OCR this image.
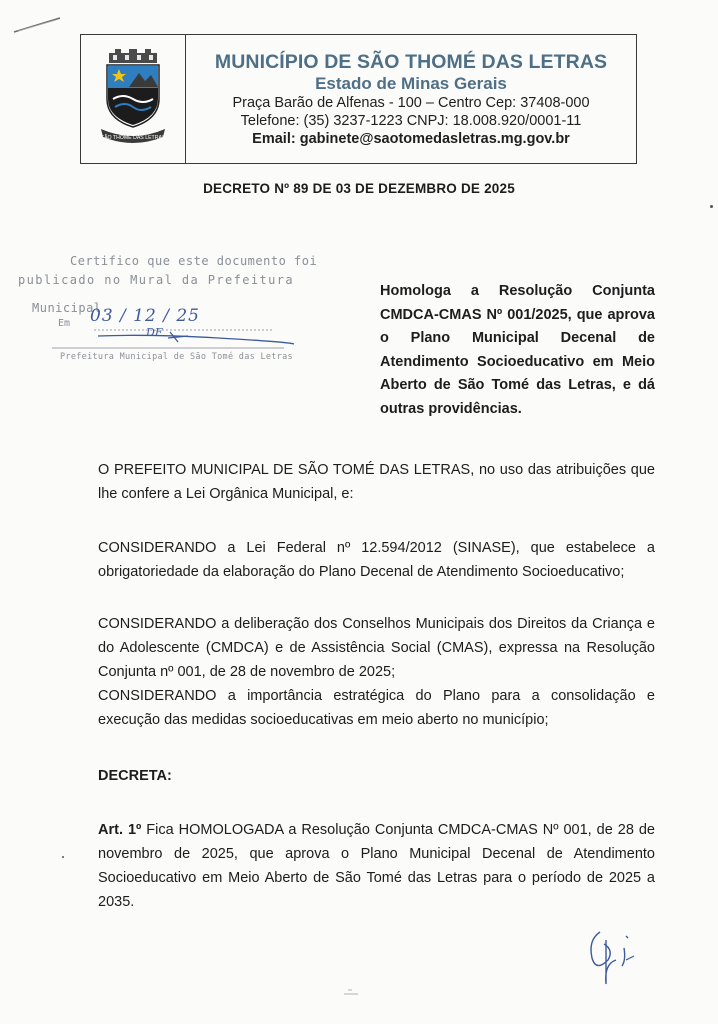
SÃO THOMÉ DAS LETRAS
MUNICÍPIO DE SÃO THOMÉ DAS LETRAS
Estado de Minas Gerais
Praça Barão de Alfenas - 100 – Centro Cep: 37408-000
Telefone: (35) 3237-1223 CNPJ: 18.008.920/0001-11
Email: gabinete@saotomedasletras.mg.gov.br
DECRETO Nº 89 DE 03 DE DEZEMBRO DE 2025
Certifico que este documento foi
publicado no Mural da Prefeitura
Municipal.
Em 03 / 12 / 25
DF
Prefeitura Municipal de São Tomé das Letras
Homologa a Resolução Conjunta CMDCA-CMAS Nº 001/2025, que aprova o Plano Municipal Decenal de Atendimento Socioeducativo em Meio Aberto de São Tomé das Letras, e dá outras providências.
O PREFEITO MUNICIPAL DE SÃO TOMÉ DAS LETRAS, no uso das atribuições que lhe confere a Lei Orgânica Municipal, e:
CONSIDERANDO a Lei Federal nº 12.594/2012 (SINASE), que estabelece a obrigatoriedade da elaboração do Plano Decenal de Atendimento Socioeducativo;
CONSIDERANDO a deliberação dos Conselhos Municipais dos Direitos da Criança e do Adolescente (CMDCA) e de Assistência Social (CMAS), expressa na Resolução Conjunta nº 001, de 28 de novembro de 2025;
CONSIDERANDO a importância estratégica do Plano para a consolidação e execução das medidas socioeducativas em meio aberto no município;
DECRETA:
Art. 1º Fica HOMOLOGADA a Resolução Conjunta CMDCA-CMAS Nº 001, de 28 de novembro de 2025, que aprova o Plano Municipal Decenal de Atendimento Socioeducativo em Meio Aberto de São Tomé das Letras para o período de 2025 a 2035.
